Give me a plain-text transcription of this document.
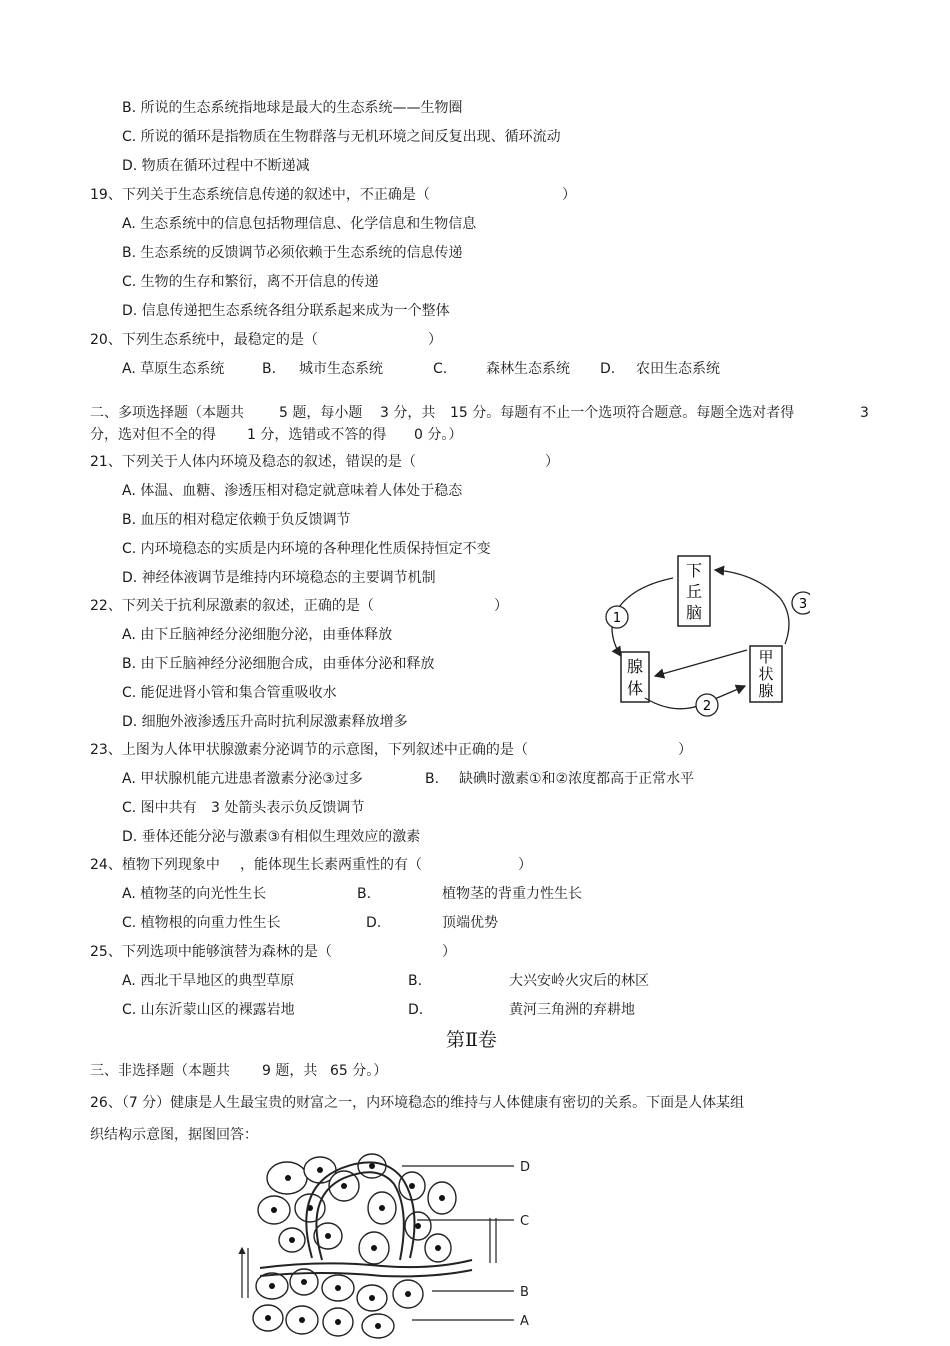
B. 所说的生态系统指地球是最大的生态系统——生物圈
C. 所说的循环是指物质在生物群落与无机环境之间反复出现、循环流动
D. 物质在循环过程中不断递减
19、下列关于生态系统信息传递的叙述中，不正确是（	）
A. 生态系统中的信息包括物理信息、化学信息和生物信息
B. 生态系统的反馈调节必须依赖于生态系统的信息传递
C. 生物的生存和繁衍，离不开信息的传递
D. 信息传递把生态系统各组分联系起来成为一个整体
20、下列生态系统中，最稳定的是（	）
A. 草原生态系统	B. 城市生态系统	C.	森林生态系统 D. 农田生态系统
二、多项选择题（本题共	5 题，每小题 3 分，共 15 分。每题有不止一个选项符合题意。每题全选对者得	3
分，选对但不全的得 1 分，选错或不答的得 0 分。）
21、下列关于人体内环境及稳态的叙述，错误的是（	）
A. 体温、血糖、渗透压相对稳定就意味着人体处于稳态
B. 血压的相对稳定依赖于负反馈调节
C. 内环境稳态的实质是内环境的各种理化性质保持恒定不变
D. 神经体液调节是维持内环境稳态的主要调节机制
22、下列关于抗利尿激素的叙述，正确的是（	）
A. 由下丘脑神经分泌细胞分泌，由垂体释放
B. 由下丘脑神经分泌细胞合成，由垂体分泌和释放
C. 能促进肾小管和集合管重吸收水
D. 细胞外液渗透压升高时抗利尿激素释放增多
下
丘
脑
腺
体
甲
状
腺
1
2
3
23、上图为人体甲状腺激素分泌调节的示意图，下列叙述中正确的是（	）
A. 甲状腺机能亢进患者激素分泌③过多	B. 缺碘时激素①和②浓度都高于正常水平
C. 图中共有 3 处箭头表示负反馈调节
D. 垂体还能分泌与激素③有相似生理效应的激素
24、植物下列现象中 ，能体现生长素两重性的有（	）
A. 植物茎的向光性生长	B.	植物茎的背重力性生长
C. 植物根的向重力性生长	D.	顶端优势
25、下列选项中能够演替为森林的是（	）
A. 西北干旱地区的典型草原	B.	大兴安岭火灾后的林区
C. 山东沂蒙山区的裸露岩地	D.	黄河三角洲的弃耕地
第Ⅱ卷
三、非选择题（本题共 9 题，共 65 分。）
26、（7 分）健康是人生最宝贵的财富之一，内环境稳态的维持与人体健康有密切的关系。下面是人体某组
织结构示意图，据图回答：
D
C
B
A
